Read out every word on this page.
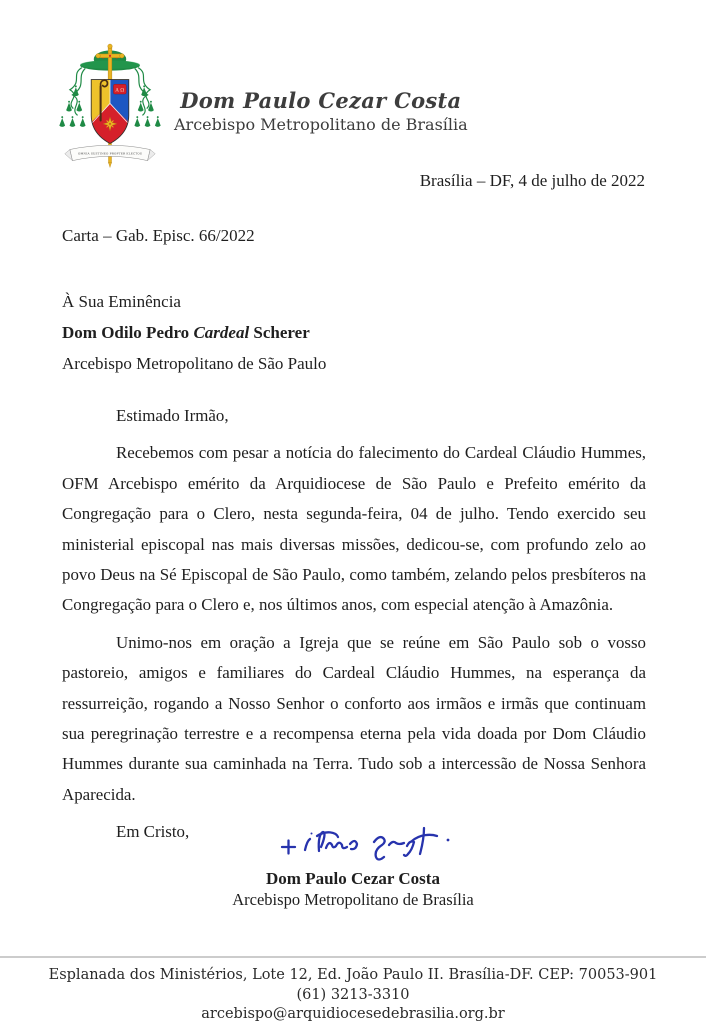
Α Ω
OMNIA SUSTINEO PROPTER ELECTOS
Dom Paulo Cezar Costa
Arcebispo Metropolitano de Brasília
Brasília – DF, 4 de julho de 2022
Carta – Gab. Episc. 66/2022
À Sua Eminência
Dom Odilo Pedro Cardeal Scherer
Arcebispo Metropolitano de São Paulo

Estimado Irmão,

Recebemos com pesar a notícia do falecimento do Cardeal Cláudio Hummes, OFM Arcebispo emérito da Arquidiocese de São Paulo e Prefeito emérito da Congregação para o Clero, nesta segunda-feira, 04 de julho. Tendo exercido seu ministerial episcopal nas mais diversas missões, dedicou-se, com profundo zelo ao povo Deus na Sé Episcopal de São Paulo, como também, zelando pelos presbíteros na Congregação para o Clero e, nos últimos anos, com especial atenção à Amazônia.

Unimo-nos em oração a Igreja que se reúne em São Paulo sob o vosso pastoreio, amigos e familiares do Cardeal Cláudio Hummes, na esperança da ressurreição, rogando a Nosso Senhor o conforto aos irmãos e irmãs que continuam sua peregrinação terrestre e a recompensa eterna pela vida doada por Dom Cláudio Hummes durante sua caminhada na Terra. Tudo sob a intercessão de Nossa Senhora Aparecida.

Em Cristo,

Dom Paulo Cezar Costa
Arcebispo Metropolitano de Brasília
Esplanada dos Ministérios, Lote 12, Ed. João Paulo II. Brasília-DF. CEP: 70053-901
(61) 3213-3310
arcebispo@arquidiocesedebrasilia.org.br
